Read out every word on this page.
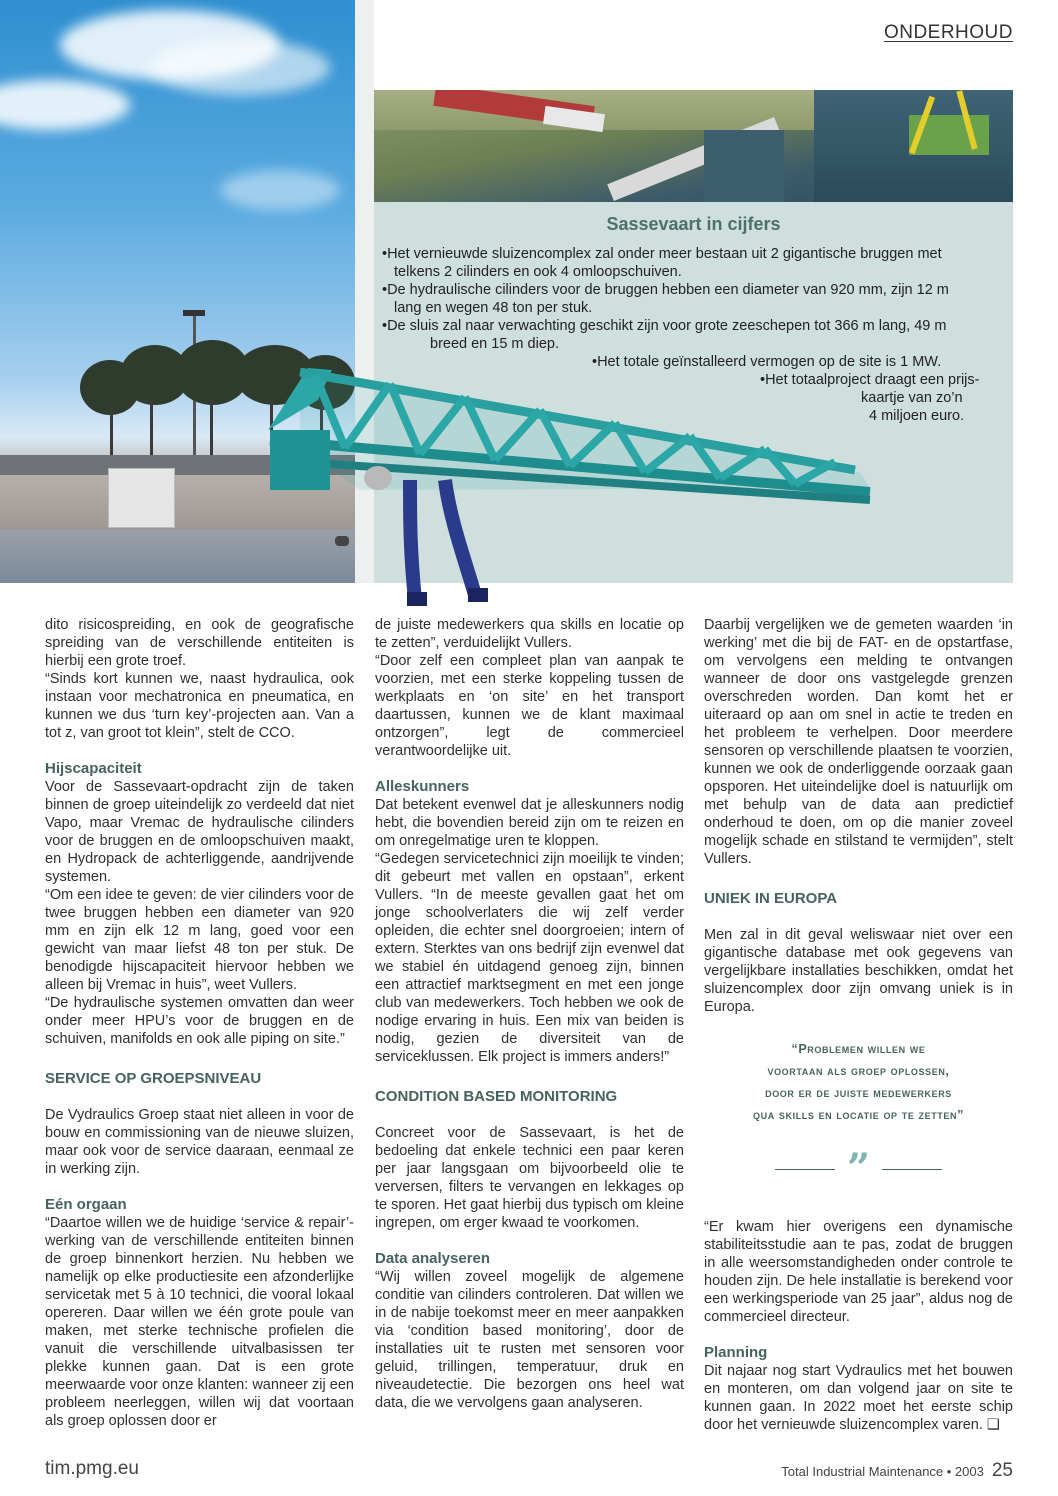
ONDERHOUD
Sassevaart in cijfers
•Het vernieuwde sluizencomplex zal onder meer bestaan uit 2 gigantische bruggen met
telkens 2 cilinders en ook 4 omloopschuiven.
•De hydraulische cilinders voor de bruggen hebben een diameter van 920 mm, zijn 12 m
lang en wegen 48 ton per stuk.
•De sluis zal naar verwachting geschikt zijn voor grote zeeschepen tot 366 m lang, 49 m
breed en 15 m diep.
•Het totale geïnstalleerd vermogen op de site is 1 MW.
•Het totaalproject draagt een prijs-
kaartje van zo’n
4 miljoen euro.

dito risicospreiding, en ook de geografische spreiding van de verschillende entiteiten is hierbij een grote troef.

“Sinds kort kunnen we, naast hydraulica, ook instaan voor mechatronica en pneumatica, en kunnen we dus ‘turn key’-projecten aan. Van a tot z, van groot tot klein”, stelt de CCO.

Hijscapaciteit

Voor de Sassevaart-opdracht zijn de taken binnen de groep uiteindelijk zo verdeeld dat niet Vapo, maar Vremac de hydraulische cilinders voor de bruggen en de omloopschuiven maakt, en Hydropack de achterliggende, aandrijvende systemen.

“Om een idee te geven: de vier cilinders voor de twee bruggen hebben een diameter van 920 mm en zijn elk 12 m lang, goed voor een gewicht van maar liefst 48 ton per stuk. De benodigde hijscapaciteit hiervoor hebben we alleen bij Vremac in huis”, weet Vullers.

“De hydraulische systemen omvatten dan weer onder meer HPU’s voor de bruggen en de schuiven, manifolds en ook alle piping on site.”

SERVICE OP GROEPSNIVEAU

De Vydraulics Groep staat niet alleen in voor de bouw en commissioning van de nieuwe sluizen, maar ook voor de service daaraan, eenmaal ze in werking zijn.

Eén orgaan

“Daartoe willen we de huidige ‘service & repair’-werking van de verschillende entiteiten binnen de groep binnenkort herzien. Nu hebben we namelijk op elke productiesite een afzonderlijke servicetak met 5 à 10 technici, die vooral lokaal opereren. Daar willen we één grote poule van maken, met sterke technische profielen die vanuit die verschillende uitvalbasissen ter plekke kunnen gaan. Dat is een grote meerwaarde voor onze klanten: wanneer zij een probleem neerleggen, willen wij dat voortaan als groep oplossen door er

de juiste medewerkers qua skills en locatie op te zetten”, verduidelijkt Vullers.

“Door zelf een compleet plan van aanpak te voorzien, met een sterke koppeling tussen de werkplaats en ‘on site’ en het transport daartussen, kunnen we de klant maximaal ontzorgen”, legt de commercieel verantwoordelijke uit.

Alleskunners

Dat betekent evenwel dat je alleskunners nodig hebt, die bovendien bereid zijn om te reizen en om onregelmatige uren te kloppen.

“Gedegen servicetechnici zijn moeilijk te vinden; dit gebeurt met vallen en opstaan”, erkent Vullers. “In de meeste gevallen gaat het om jonge schoolverlaters die wij zelf verder opleiden, die echter snel doorgroeien; intern of extern. Sterktes van ons bedrijf zijn evenwel dat we stabiel én uitdagend genoeg zijn, binnen een attractief marktsegment en met een jonge club van medewerkers. Toch hebben we ook de nodige ervaring in huis. Een mix van beiden is nodig, gezien de diversiteit van de serviceklussen. Elk project is immers anders!”

CONDITION BASED MONITORING

Concreet voor de Sassevaart, is het de bedoeling dat enkele technici een paar keren per jaar langsgaan om bijvoorbeeld olie te verversen, filters te vervangen en lekkages op te sporen. Het gaat hierbij dus typisch om kleine ingrepen, om erger kwaad te voorkomen.

Data analyseren

“Wij willen zoveel mogelijk de algemene conditie van cilinders controleren. Dat willen we in de nabije toekomst meer en meer aanpakken via ‘condition based monitoring’, door de installaties uit te rusten met sensoren voor geluid, trillingen, temperatuur, druk en niveaudetectie. Die bezorgen ons heel wat data, die we vervolgens gaan analyseren.

Daarbij vergelijken we de gemeten waarden ‘in werking’ met die bij de FAT- en de opstartfase, om vervolgens een melding te ontvangen wanneer de door ons vastgelegde grenzen overschreden worden. Dan komt het er uiteraard op aan om snel in actie te treden en het probleem te verhelpen. Door meerdere sensoren op verschillende plaatsen te voorzien, kunnen we ook de onderliggende oorzaak gaan opsporen. Het uiteindelijke doel is natuurlijk om met behulp van de data aan predictief onderhoud te doen, om op die manier zoveel mogelijk schade en stilstand te vermijden”, stelt Vullers.

UNIEK IN EUROPA

Men zal in dit geval weliswaar niet over een gigantische database met ook gegevens van vergelijkbare installaties beschikken, omdat het sluizencomplex door zijn omvang uniek is in Europa.

“Problemen willen we
voortaan als groep oplossen,
door er de juiste medewerkers
qua skills en locatie op te zetten”
”

“Er kwam hier overigens een dynamische stabiliteitsstudie aan te pas, zodat de bruggen in alle weersomstandigheden onder controle te houden zijn. De hele installatie is berekend voor een werkingsperiode van 25 jaar”, aldus nog de commercieel directeur.

Planning

Dit najaar nog start Vydraulics met het bouwen en monteren, om dan volgend jaar on site te kunnen gaan. In 2022 moet het eerste schip door het vernieuwde sluizencomplex varen. ❑

tim.pmg.eu	Total Industrial Maintenance • 2003 25
